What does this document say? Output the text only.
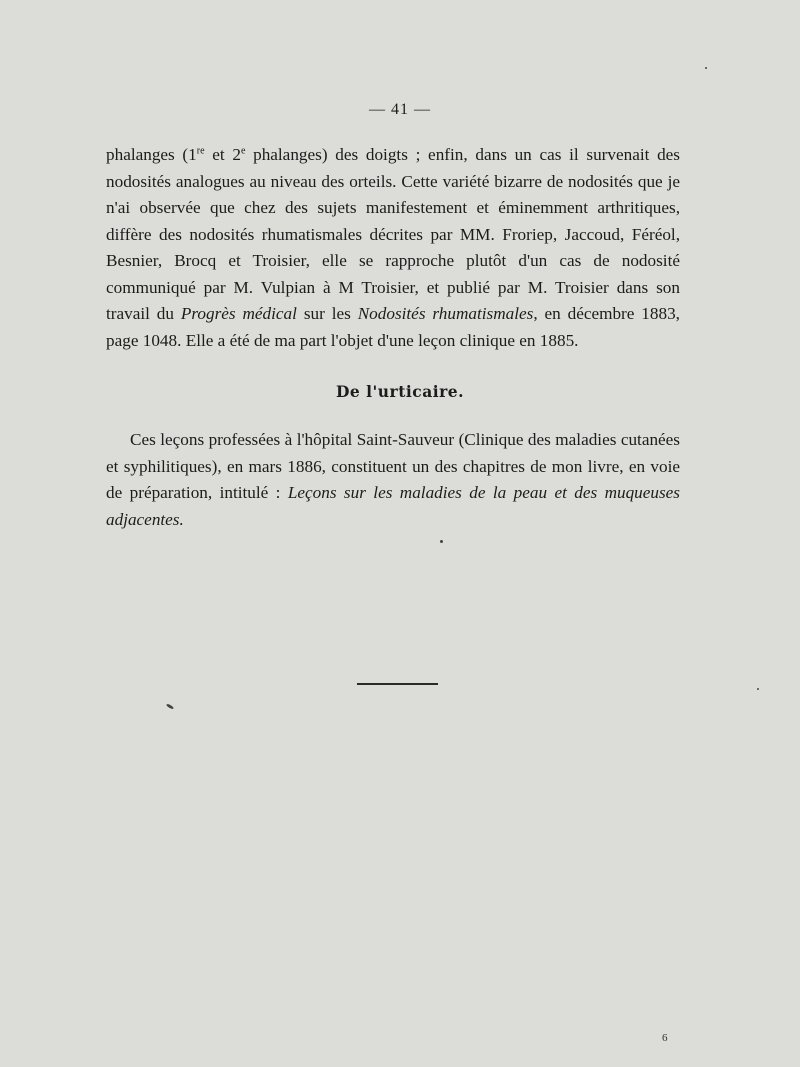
— 41 —

phalanges (1re et 2e phalanges) des doigts ; enfin, dans un cas il survenait des nodosités analogues au niveau des orteils. Cette variété bizarre de nodosités que je n'ai observée que chez des sujets manifestement et éminemment arthritiques, diffère des nodosités rhumatismales décrites par MM. Froriep, Jaccoud, Féréol, Besnier, Brocq et Troisier, elle se rapproche plutôt d'un cas de nodosité communiqué par M. Vulpian à M Troisier, et publié par M. Troisier dans son travail du Progrès médical sur les Nodosités rhumatismales, en décembre 1883, page 1048. Elle a été de ma part l'objet d'une leçon clinique en 1885.

De l'urticaire.

Ces leçons professées à l'hôpital Saint-Sauveur (Clinique des maladies cutanées et syphilitiques), en mars 1886, constituent un des chapitres de mon livre, en voie de préparation, intitulé : Leçons sur les maladies de la peau et des muqueuses adjacentes.

6
